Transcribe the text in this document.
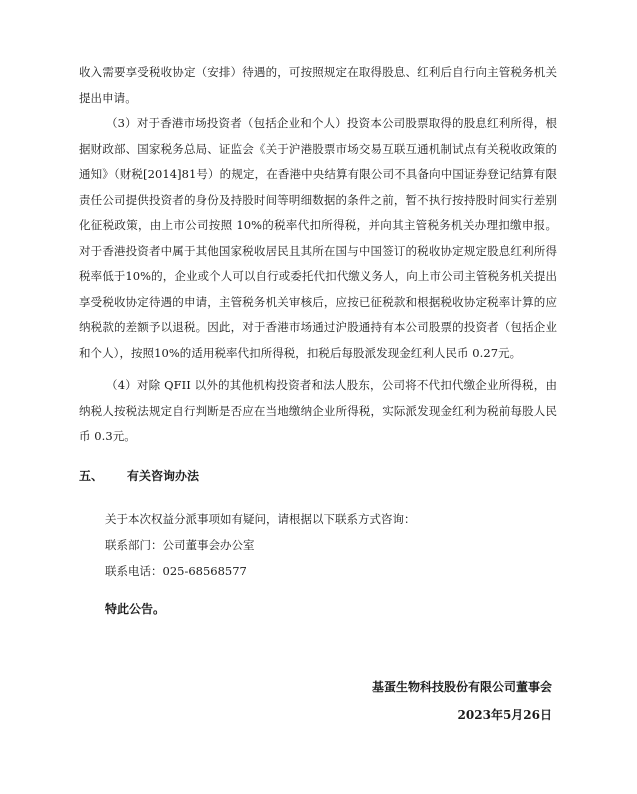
收入需要享受税收协定（安排）待遇的，可按照规定在取得股息、红利后自行向主管税务机关提出申请。

（3）对于香港市场投资者（包括企业和个人）投资本公司股票取得的股息红利所得，根据财政部、国家税务总局、证监会《关于沪港股票市场交易互联互通机制试点有关税收政策的通知》（财税[2014]81号）的规定，在香港中央结算有限公司不具备向中国证券登记结算有限责任公司提供投资者的身份及持股时间等明细数据的条件之前，暂不执行按持股时间实行差别化征税政策，由上市公司按照 10%的税率代扣所得税，并向其主管税务机关办理扣缴申报。对于香港投资者中属于其他国家税收居民且其所在国与中国签订的税收协定规定股息红利所得税率低于10%的，企业或个人可以自行或委托代扣代缴义务人，向上市公司主管税务机关提出享受税收协定待遇的申请，主管税务机关审核后，应按已征税款和根据税收协定税率计算的应纳税款的差额予以退税。因此，对于香港市场通过沪股通持有本公司股票的投资者（包括企业和个人），按照10%的适用税率代扣所得税，扣税后每股派发现金红利人民币 0.27元。

（4）对除 QFII 以外的其他机构投资者和法人股东，公司将不代扣代缴企业所得税，由纳税人按税法规定自行判断是否应在当地缴纳企业所得税，实际派发现金红利为税前每股人民币 0.3元。

五、 有关咨询办法

关于本次权益分派事项如有疑问，请根据以下联系方式咨询：

联系部门：公司董事会办公室

联系电话：025-68568577

特此公告。

基蛋生物科技股份有限公司董事会

2023年5月26日
